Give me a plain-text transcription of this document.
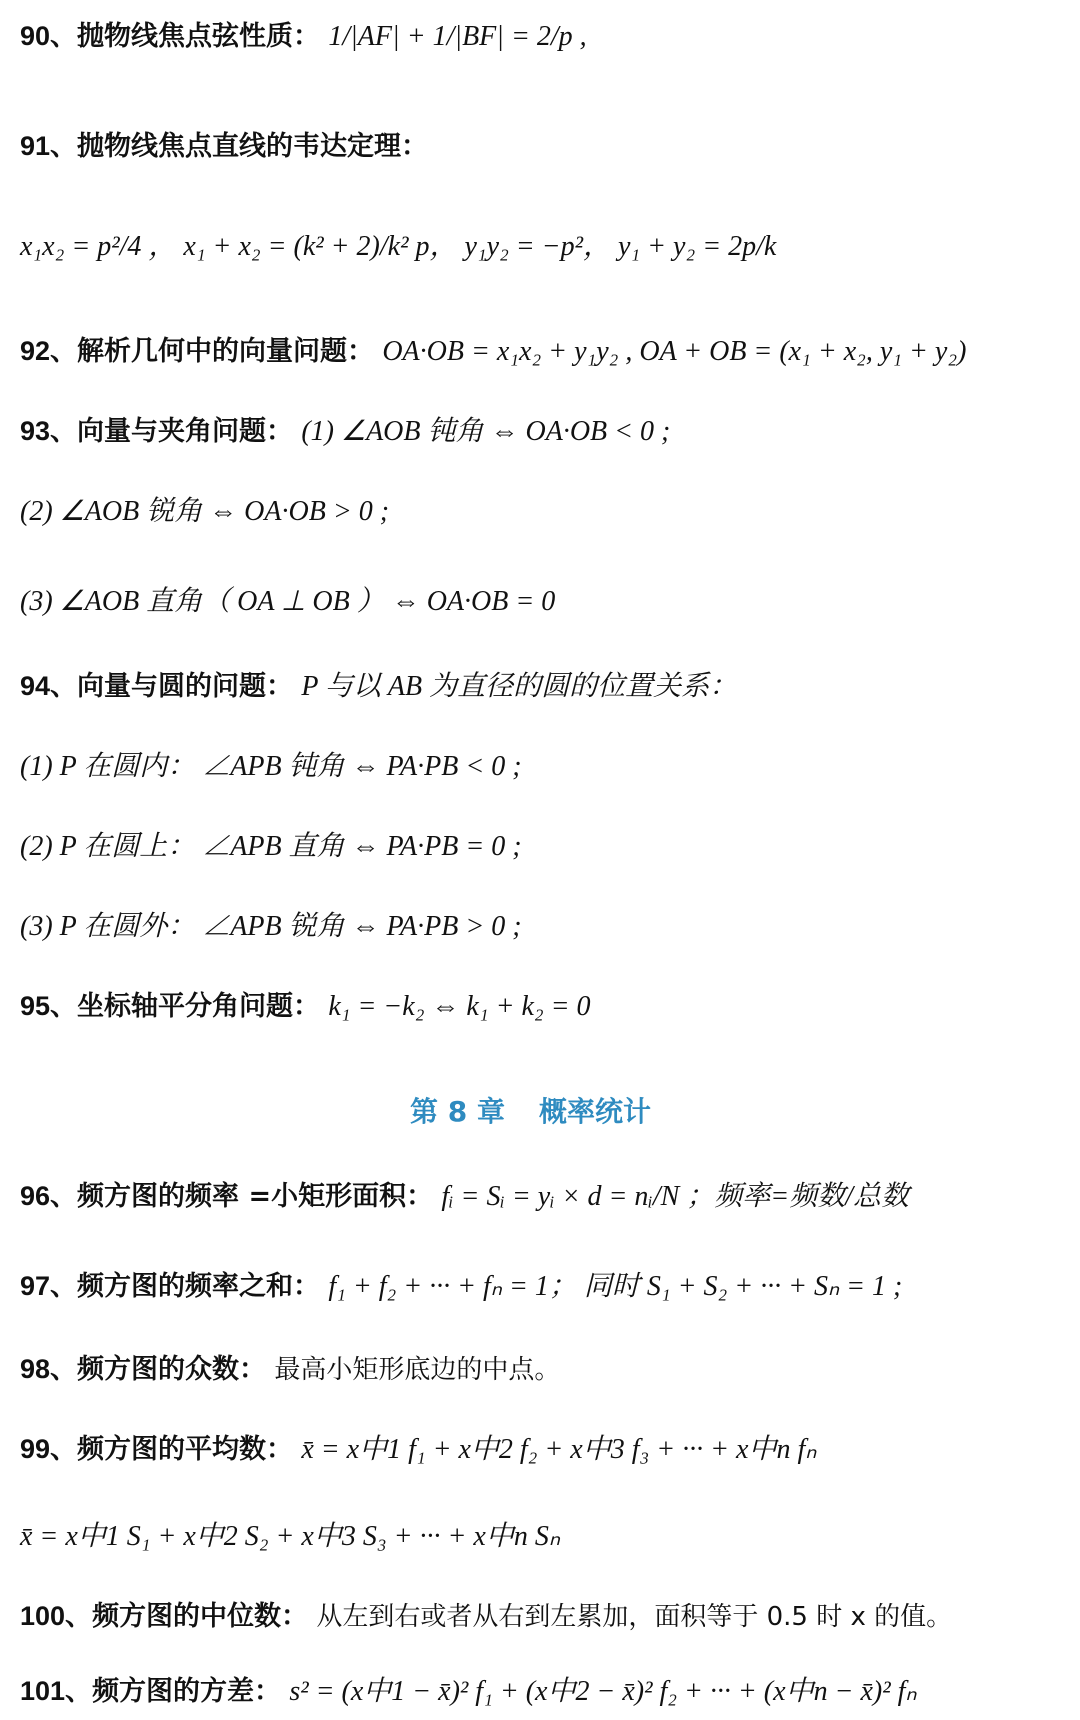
90、抛物线焦点弦性质： 1/|AF| + 1/|BF| = 2/p ,
91、抛物线焦点直线的韦达定理：
x₁x₂ = p²/4 ， x₁ + x₂ = (k² + 2)/k² p， y₁y₂ = −p²， y₁ + y₂ = 2p/k
92、解析几何中的向量问题： OA·OB = x₁x₂ + y₁y₂ , OA + OB = (x₁ + x₂, y₁ + y₂)
93、向量与夹角问题： (1) ∠AOB 钝角 ⇔ OA·OB < 0 ;
(2) ∠AOB 锐角 ⇔ OA·OB > 0 ;
(3) ∠AOB 直角（ OA ⊥ OB ） ⇔ OA·OB = 0
94、向量与圆的问题： P 与以 AB 为直径的圆的位置关系：
(1) P 在圆内： ∠APB 钝角 ⇔ PA·PB < 0 ;
(2) P 在圆上： ∠APB 直角 ⇔ PA·PB = 0 ;
(3) P 在圆外： ∠APB 锐角 ⇔ PA·PB > 0 ;
95、坐标轴平分角问题： k₁ = −k₂ ⇔ k₁ + k₂ = 0
第 8 章 概率统计
96、频方图的频率 =小矩形面积： fᵢ = Sᵢ = yᵢ × d = nᵢ/N ；频率=频数/总数
97、频方图的频率之和： f₁ + f₂ + ··· + fₙ = 1； 同时 S₁ + S₂ + ··· + Sₙ = 1 ;
98、频方图的众数： 最高小矩形底边的中点。
99、频方图的平均数： x̄ = x中1 f₁ + x中2 f₂ + x中3 f₃ + ··· + x中n fₙ
x̄ = x中1 S₁ + x中2 S₂ + x中3 S₃ + ··· + x中n Sₙ
100、频方图的中位数： 从左到右或者从右到左累加，面积等于 0.5 时 x 的值。
101、频方图的方差： s² = (x中1 − x̄)² f₁ + (x中2 − x̄)² f₂ + ··· + (x中n − x̄)² fₙ
